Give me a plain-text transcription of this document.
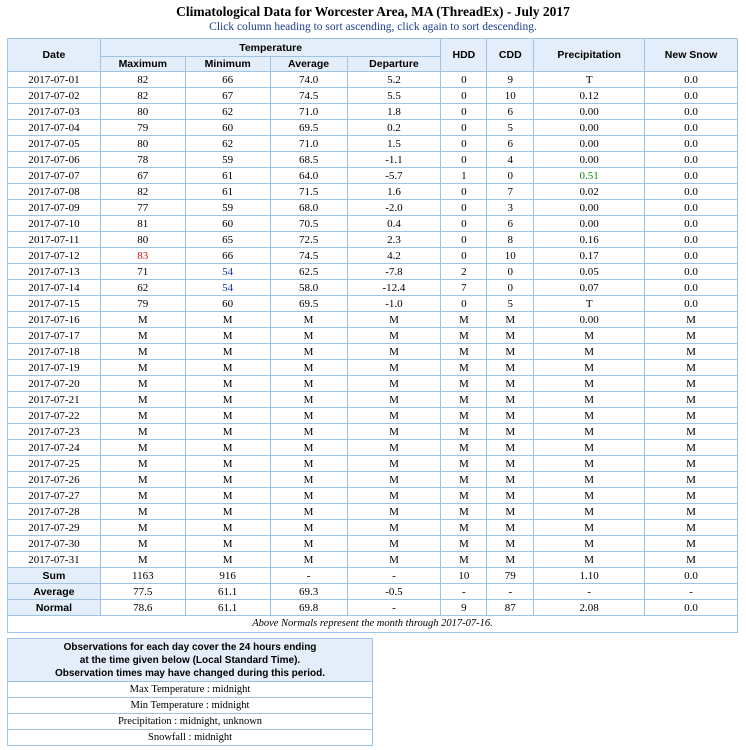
Climatological Data for Worcester Area, MA (ThreadEx) - July 2017
Click column heading to sort ascending, click again to sort descending.
Date	Temperature				HDD	CDD	Precipitation	New Snow
	Maximum	Minimum	Average	Departure				
2017-07-01	82	66	74.0	5.2	0	9	T	0.0
2017-07-02	82	67	74.5	5.5	0	10	0.12	0.0
2017-07-03	80	62	71.0	1.8	0	6	0.00	0.0
2017-07-04	79	60	69.5	0.2	0	5	0.00	0.0
2017-07-05	80	62	71.0	1.5	0	6	0.00	0.0
2017-07-06	78	59	68.5	-1.1	0	4	0.00	0.0
2017-07-07	67	61	64.0	-5.7	1	0	0.51	0.0
2017-07-08	82	61	71.5	1.6	0	7	0.02	0.0
2017-07-09	77	59	68.0	-2.0	0	3	0.00	0.0
2017-07-10	81	60	70.5	0.4	0	6	0.00	0.0
2017-07-11	80	65	72.5	2.3	0	8	0.16	0.0
2017-07-12	83	66	74.5	4.2	0	10	0.17	0.0
2017-07-13	71	54	62.5	-7.8	2	0	0.05	0.0
2017-07-14	62	54	58.0	-12.4	7	0	0.07	0.0
2017-07-15	79	60	69.5	-1.0	0	5	T	0.0
2017-07-16	M	M	M	M	M	M	0.00	M
2017-07-17	M	M	M	M	M	M	M	M
2017-07-18	M	M	M	M	M	M	M	M
2017-07-19	M	M	M	M	M	M	M	M
2017-07-20	M	M	M	M	M	M	M	M
2017-07-21	M	M	M	M	M	M	M	M
2017-07-22	M	M	M	M	M	M	M	M
2017-07-23	M	M	M	M	M	M	M	M
2017-07-24	M	M	M	M	M	M	M	M
2017-07-25	M	M	M	M	M	M	M	M
2017-07-26	M	M	M	M	M	M	M	M
2017-07-27	M	M	M	M	M	M	M	M
2017-07-28	M	M	M	M	M	M	M	M
2017-07-29	M	M	M	M	M	M	M	M
2017-07-30	M	M	M	M	M	M	M	M
2017-07-31	M	M	M	M	M	M	M	M
Sum	1163	916	-	-	10	79	1.10	0.0
Average	77.5	61.1	69.3	-0.5	-	-	-	-
Normal	78.6	61.1	69.8	-	9	87	2.08	0.0
Above Normals represent the month through 2017-07-16.								
Observations for each day cover the 24 hours ending
at the time given below (Local Standard Time).
Observation times may have changed during this period.

Max Temperature : midnight
Min Temperature : midnight
Precipitation : midnight, unknown
Snowfall : midnight
